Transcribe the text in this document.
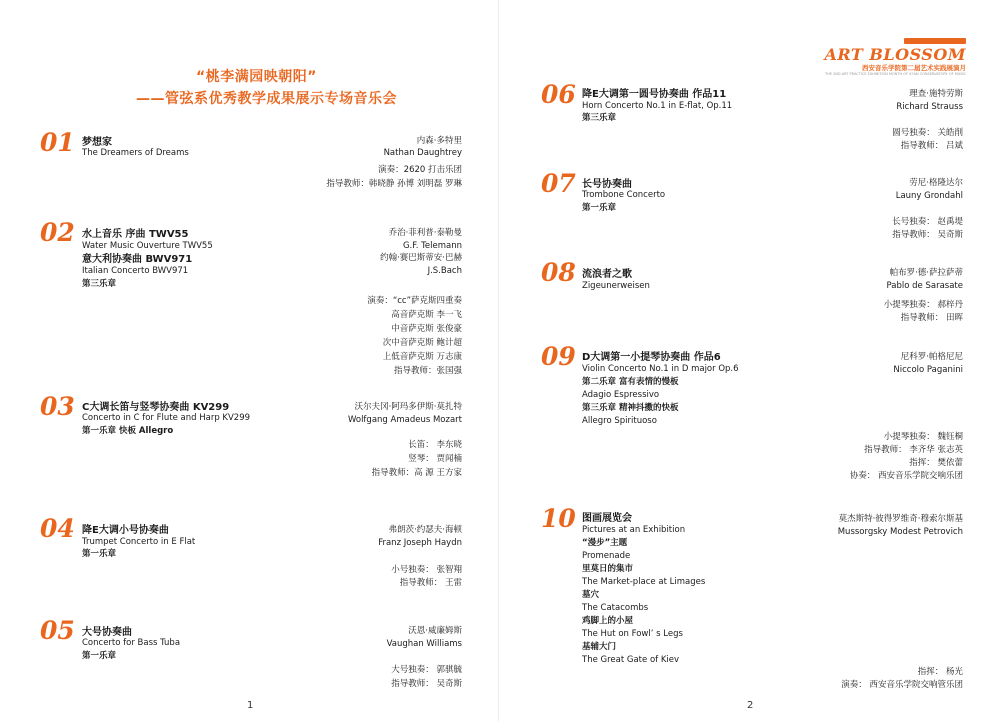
“桃李满园映朝阳”
——管弦系优秀教学成果展示专场音乐会
01 梦想家
The Dreamers of Dreams
内森·多特里
Nathan Daughtrey
演奏：2620 打击乐团
指导教师：韩晓静 孙博 刘明磊 罗琳
02 水上音乐 序曲 TWV55
Water Music Ouverture TWV55
意大利协奏曲 BWV971
Italian Concerto BWV971
第三乐章
乔治·菲利普·泰勒曼
G.F. Telemann
约翰·赛巴斯蒂安·巴赫
J.S.Bach
演奏：“cc”萨克斯四重奏
高音萨克斯 李一飞
中音萨克斯 张俊豪
次中音萨克斯 鲍计超
上低音萨克斯 万志康
指导教师：张国强
03 C大调长笛与竖琴协奏曲 KV299
Concerto in C for Flute and Harp KV299
第一乐章 快板 Allegro
沃尔夫冈·阿玛多伊斯·莫扎特
Wolfgang Amadeus Mozart
长笛： 李东晓
竖琴： 贾闻楠
指导教师：高 源 王方家
04 降E大调小号协奏曲
Trumpet Concerto in E Flat
第一乐章
弗朗茨·约瑟夫·海顿
Franz Joseph Haydn
小号独奏： 张智翔
指导教师： 王雷
05 大号协奏曲
Concerto for Bass Tuba
第一乐章
沃恩·威廉姆斯
Vaughan Williams
大号独奏： 郭骐毓
指导教师： 吴奇斯
1
ART BLOSSOM
西安音乐学院第二届艺术实践展演月
THE 2ND ART PRACTICE EXHIBITION MONTH OF XI'AN CONSERVATORY OF MUSIC
06 降E大调第一圆号协奏曲 作品11
Horn Concerto No.1 in E-flat, Op.11
第三乐章
理查·施特劳斯
Richard Strauss
圆号独奏： 关皓削
指导教师： 吕斌
07 长号协奏曲
Trombone Concerto
第一乐章
劳尼·格隆达尔
Launy Grondahl
长号独奏： 赵禹堤
指导教师： 吴奇斯
08 流浪者之歌
Zigeunerweisen
帕布罗·德·萨拉萨蒂
Pablo de Sarasate
小提琴独奏： 郝梓丹
指导教师： 田晖
09 D大调第一小提琴协奏曲 作品6
Violin Concerto No.1 in D major Op.6
第二乐章 富有表情的慢板
Adagio Espressivo
第三乐章 精神抖擞的快板
Allegro Spirituoso
尼科罗·帕格尼尼
Niccolo Paganini
小提琴独奏： 魏钰桐
指导教师： 李齐华 张志英
指挥： 樊依蕾
协奏： 西安音乐学院交响乐团
10 图画展览会
Pictures at an Exhibition
“漫步”主题
Promenade
里莫日的集市
The Market-place at Limages
墓穴
The Catacombs
鸡脚上的小屋
The Hut on Fowl’ s Legs
基辅大门
The Great Gate of Kiev
莫杰斯特·彼得罗维奇·穆索尔斯基
Mussorgsky Modest Petrovich
指挥： 杨光
演奏： 西安音乐学院交响管乐团
2
